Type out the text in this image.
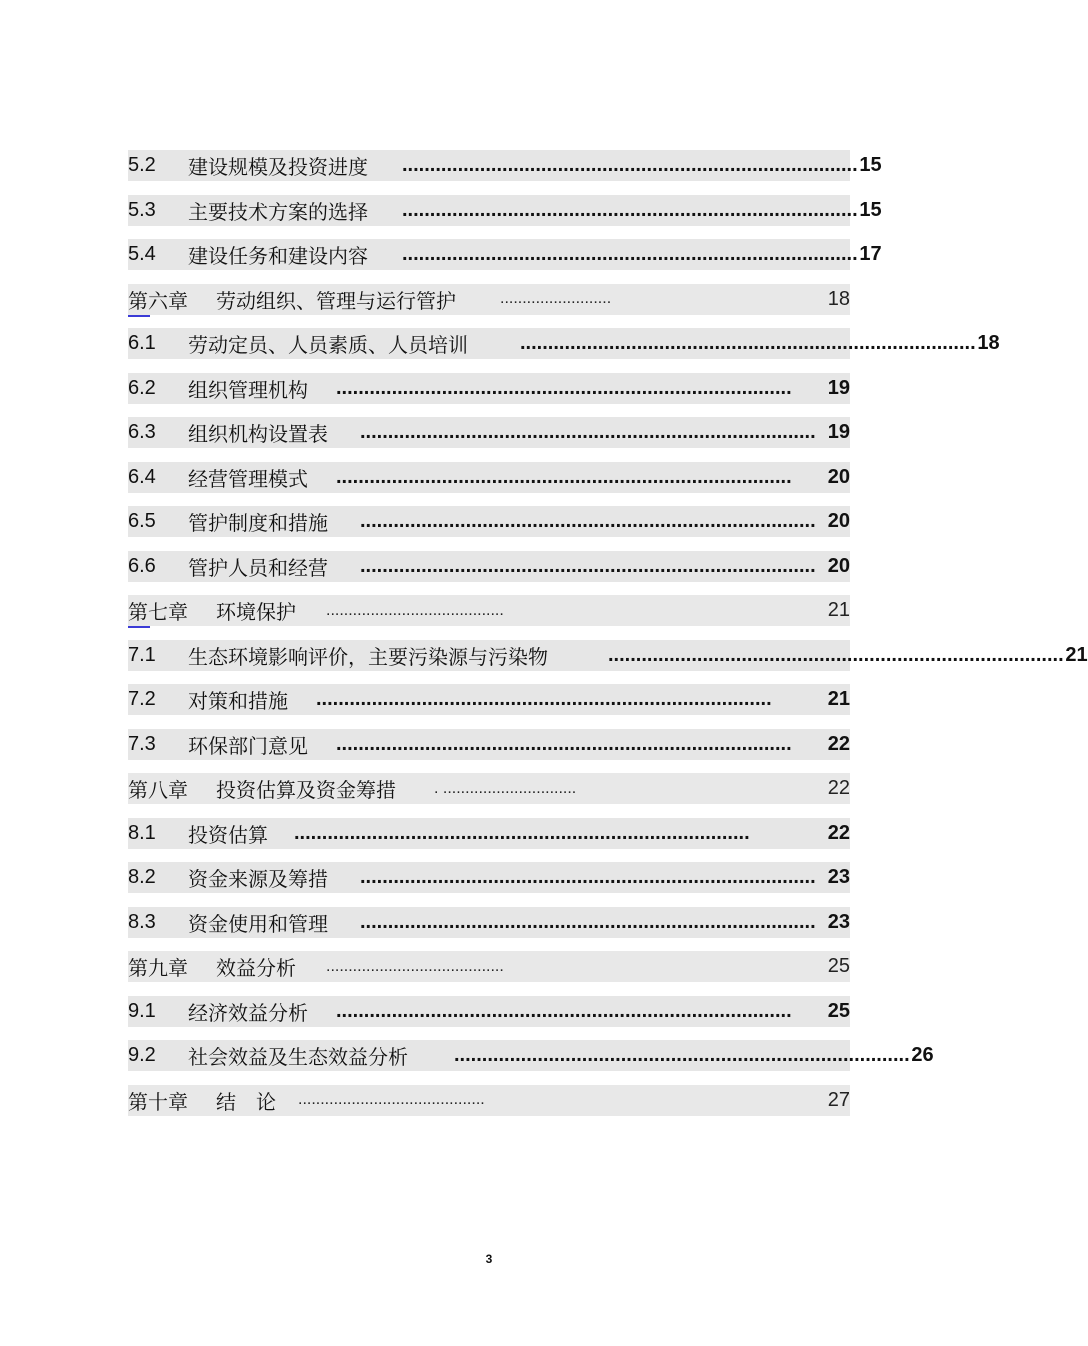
5.2	建设规模及投资进度 .................................................................................. 15
5.3	主要技术方案的选择 .................................................................................. 15
5.4	建设任务和建设内容 .................................................................................. 17
第六章 劳动组织、管理与运行管护	.........................	18
6.1	劳动定员、人员素质、人员培训	.................................................................................. 18
6.2	组织管理机构 ..................................................................................	19
6.3	组织机构设置表 .................................................................................. 19
6.4	经营管理模式 ..................................................................................	20
6.5	管护制度和措施 .................................................................................. 20
6.6	管护人员和经营 .................................................................................. 20
第七章 环境保护 ........................................	21
7.1	生态环境影响评价，主要污染源与污染物	.................................................................................. 21
7.2	对策和措施 ..................................................................................	21
7.3	环保部门意见 ..................................................................................	22
第八章 投资估算及资金筹措 . ..............................	22
8.1	投资估算 ..................................................................................	22
8.2	资金来源及筹措 .................................................................................. 23
8.3	资金使用和管理 .................................................................................. 23
第九章 效益分析 ........................................	25
9.1	经济效益分析 ..................................................................................	25
9.2	社会效益及生态效益分析 .................................................................................. 26
第十章 结　论 ..........................................	27
3
